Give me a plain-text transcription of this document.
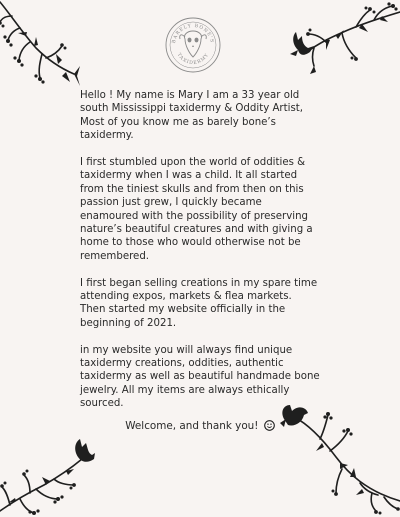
BARELY BONE'S
TAXIDERMY

Hello ! My name is Mary I am a 33 year old south Mississippi taxidermy & Oddity Artist, Most of you know me as barely bone’s taxidermy.

I first stumbled upon the world of oddities & taxidermy when I was a child. It all started from the tiniest skulls and from then on this passion just grew, I quickly became enamoured with the possibility of preserving nature’s beautiful creatures and with giving a home to those who would otherwise not be remembered.

I first began selling creations in my spare time attending expos, markets & flea markets. Then started my website officially in the beginning of 2021.

in my website you will always find unique taxidermy creations, oddities, authentic taxidermy as well as beautiful handmade bone jewelry. All my items are always ethically sourced.

Welcome, and thank you!
